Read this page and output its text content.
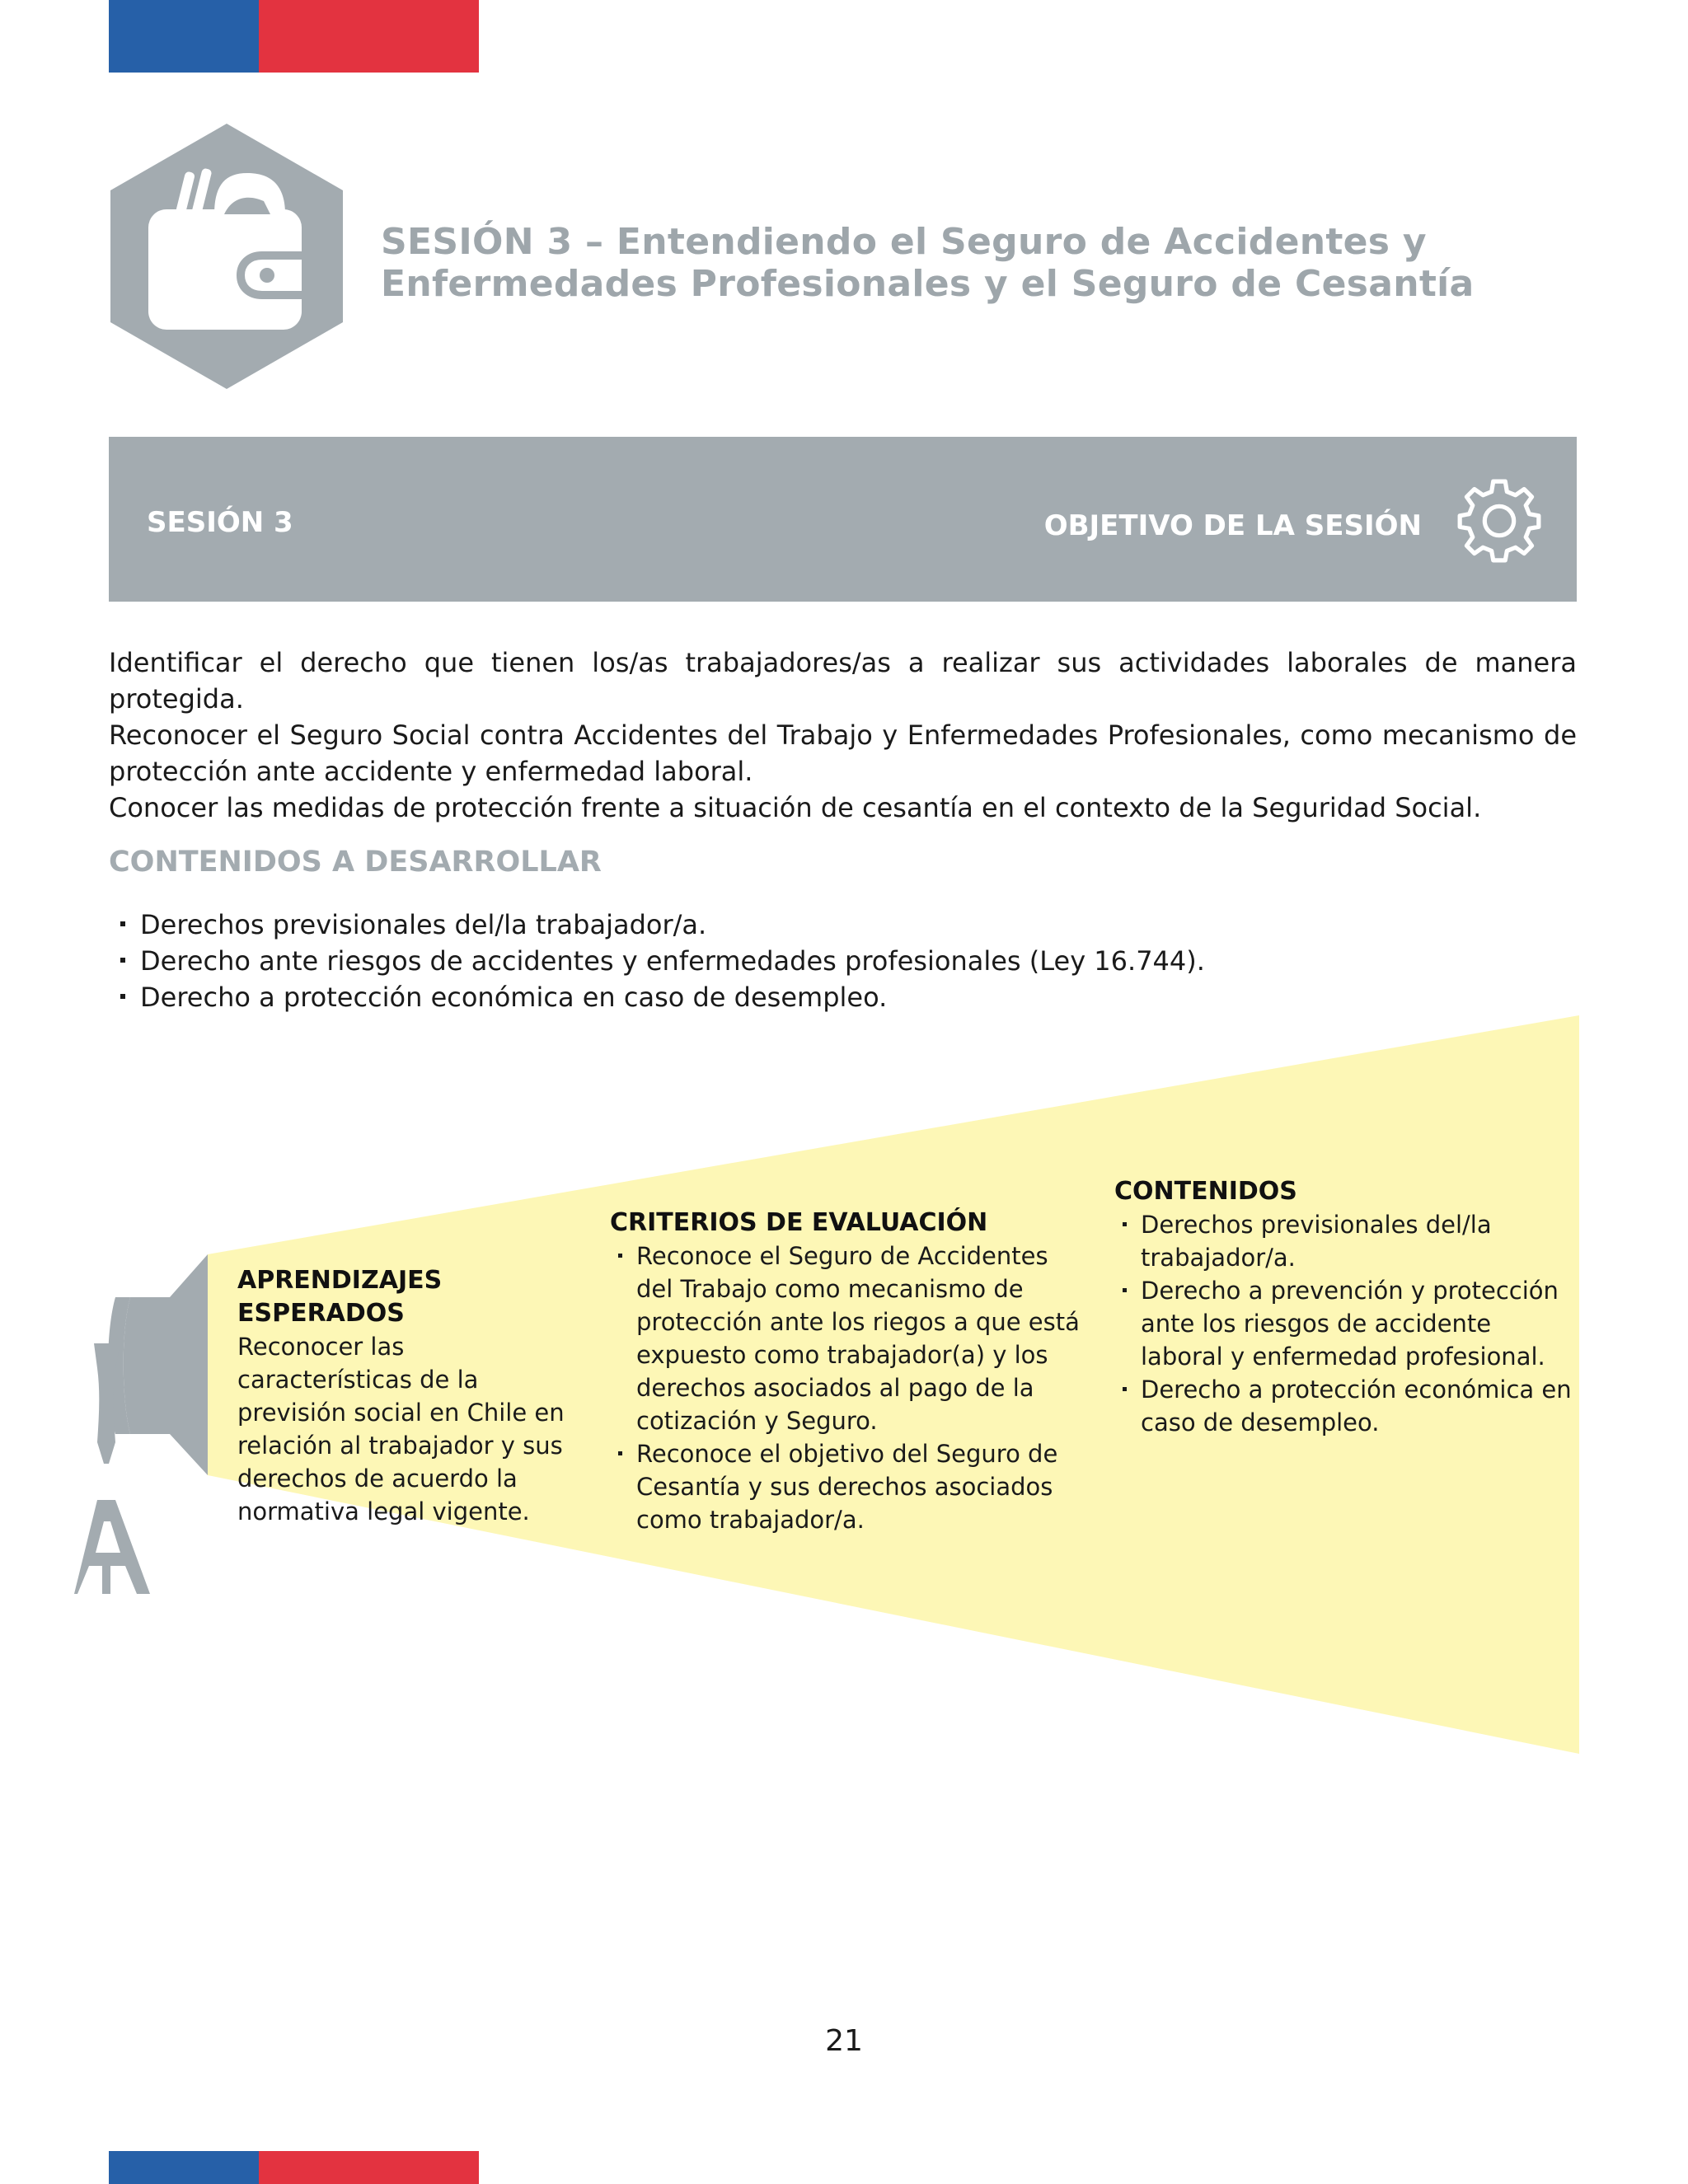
SESIÓN 3 – Entendiendo el Seguro de Accidentes y Enfermedades Profesionales y el Seguro de Cesantía
SESIÓN 3	OBJETIVO DE LA SESIÓN

Identificar el derecho que tienen los/as trabajadores/as a realizar sus actividades laborales de manera protegida.

Reconocer el Seguro Social contra Accidentes del Trabajo y Enfermedades Profesionales, como mecanismo de protección ante accidente y enfermedad laboral.

Conocer las medidas de protección frente a situación de cesantía en el contexto de la Seguridad Social.

CONTENIDOS A DESARROLLAR
Derechos previsionales del/la trabajador/a.
Derecho ante riesgos de accidentes y enfermedades profesionales (Ley 16.744).
Derecho a protección económica en caso de desempleo.
APRENDIZAJES ESPERADOS
Reconocer las características de la previsión social en Chile en relación al trabajador y sus derechos de acuerdo la normativa legal vigente.
CRITERIOS DE EVALUACIÓN
Reconoce el Seguro de Accidentes del Trabajo como mecanismo de protección ante los riegos a que está expuesto como trabajador(a) y los derechos asociados al pago de la cotización y Seguro.
Reconoce el objetivo del Seguro de Cesantía y sus derechos asociados como trabajador/a.
CONTENIDOS
Derechos previsionales del/la trabajador/a.
Derecho a prevención y protección ante los riesgos de accidente laboral y enfermedad profesional.
Derecho a protección económica en caso de desempleo.
21
